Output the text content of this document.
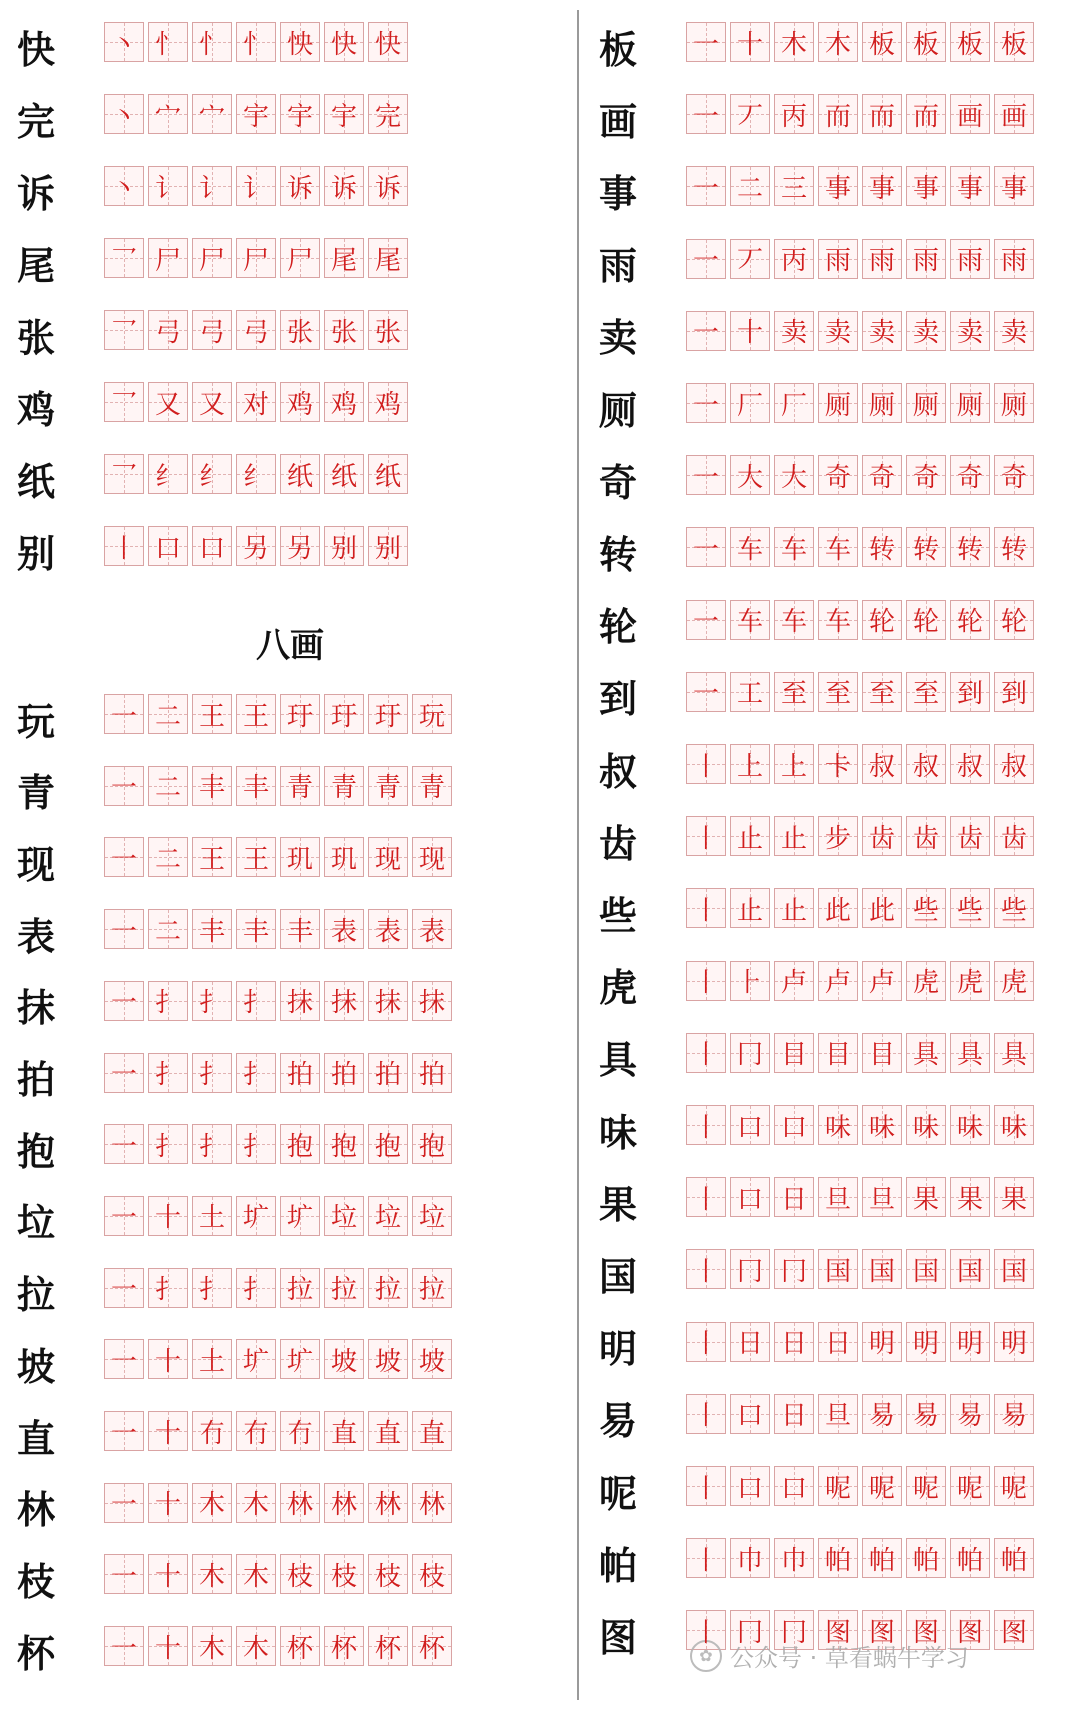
快	丶 忄 忄 忄 怏 快 快
完	丶 宀 宀 宇 宇 宇 完
诉	丶 讠 讠 讠 诉 诉 诉
尾	乛 尸 尸 尸 尸 尾 尾
张	乛 弓 弓 弓 张 张 张
鸡	乛 又 又 对 鸡 鸡 鸡
纸	乛 纟 纟 纟 纸 纸 纸
别	丨 口 口 另 另 别 别
玩	一 二 王 王 玗 玗 玗 玩
青	一 二 丰 丰 青 青 青 青
现	一 二 王 王 玑 玑 现 现
表	一 二 丰 丰 丰 表 表 表
抹	一 扌 扌 扌 抹 抹 抹 抹
拍	一 扌 扌 扌 拍 拍 拍 拍
抱	一 扌 扌 扌 抱 抱 抱 抱
垃	一 十 土 圹 圹 垃 垃 垃
拉	一 扌 扌 扌 拉 拉 拉 拉
坡	一 十 土 圹 圹 坡 坡 坡
直	一 十 冇 冇 冇 直 直 直
林	一 十 木 木 林 林 林 林
枝	一 十 木 木 枝 枝 枝 枝
杯	一 十 木 木 杯 杯 杯 杯
板	一 十 木 木 板 板 板 板
画	一 丆 丙 而 而 而 画 画
事	一 二 三 事 事 事 事 事
雨	一 丆 丙 雨 雨 雨 雨 雨
卖	一 十 卖 卖 卖 卖 卖 卖
厕	一 厂 厂 厕 厕 厕 厕 厕
奇	一 大 大 奇 奇 奇 奇 奇
转	一 车 车 车 转 转 转 转
轮	一 车 车 车 轮 轮 轮 轮
到	一 工 至 至 至 至 到 到
叔	丨 上 上 卡 叔 叔 叔 叔
齿	丨 止 止 步 齿 齿 齿 齿
些	丨 止 止 此 此 些 些 些
虎	丨 ⺊ 卢 卢 卢 虎 虎 虎
具	丨 冂 目 目 目 具 具 具
味	丨 口 口 味 味 味 味 味
果	丨 口 日 旦 旦 果 果 果
国	丨 冂 冂 国 国 国 国 国
明	丨 日 日 日 明 明 明 明
易	丨 口 日 旦 易 易 易 易
呢	丨 口 口 呢 呢 呢 呢 呢
帕	丨 巾 巾 帕 帕 帕 帕 帕
图	丨 冂 冂 图 图 图 图 图
八画
✿ 公众号 · 草看蜗牛学习
